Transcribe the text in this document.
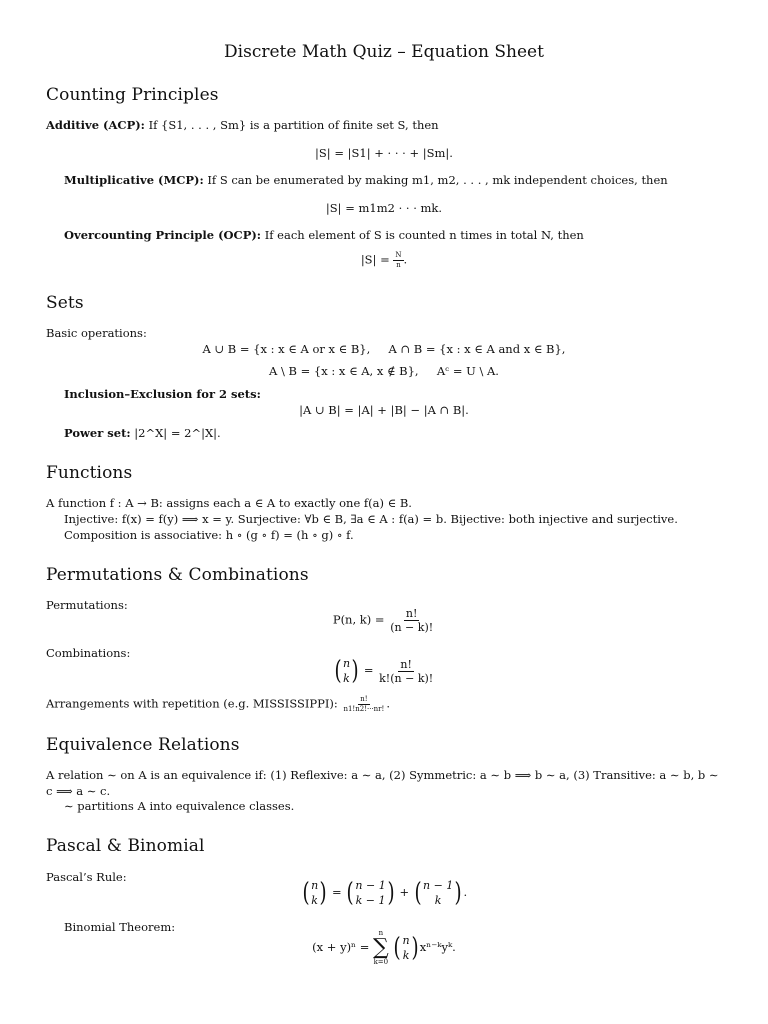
Discrete Math Quiz – Equation Sheet
Counting Principles
Additive (ACP): If {S1, . . . , Sm} is a partition of finite set S, then
|S| = |S1| + · · · + |Sm|.
Multiplicative (MCP): If S can be enumerated by making m1, m2, . . . , mk independent choices, then
|S| = m1m2 · · · mk.
Overcounting Principle (OCP): If each element of S is counted n times in total N, then
$|S| = \frac{N}{n}$ .
Sets
Basic operations:
A ∪ B = {x : x ∈ A or x ∈ B}, A ∩ B = {x : x ∈ A and x ∈ B},
A \ B = {x : x ∈ A, x ∉ B}, Aᶜ = U \ A.
Inclusion–Exclusion for 2 sets:
|A ∪ B| = |A| + |B| − |A ∩ B|.
Power set: |2^X| = 2^|X|.
Functions
A function f : A → B: assigns each a ∈ A to exactly one f(a) ∈ B.
Injective: f(x) = f(y) ⟹ x = y. Surjective: ∀b ∈ B, ∃a ∈ A : f(a) = b. Bijective: both injective and surjective.
Composition is associative: h ∘ (g ∘ f) = (h ∘ g) ∘ f.
Permutations & Combinations
Permutations:
P(n, $k) = \frac{n!}{(n - k)!}$
Combinations:
( n
k ) = $\frac{n!}{k!(n - k)!}$
Arrangements with repetition (e.g. MISSISSIPPI): $\frac{n!}{n1!n2!\cdot\cdot\cdot nr!}$ .
Equivalence Relations
A relation ∼ on A is an equivalence if: (1) Reflexive: a ∼ a, (2) Symmetric: a ∼ b ⟹ b ∼ a, (3) Transitive: a ∼ b, b ∼
c ⟹ a ∼ c.
∼ partitions A into equivalence classes.
Pascal & Binomial
Pascal’s Rule:
( n
k ) = ( n − 1
k − 1 ) + ( n − 1
k ) .
Binomial Theorem:
(x + y)ⁿ =
n
∑
k=0
( n
k ) xⁿ⁻ᵏyᵏ.
